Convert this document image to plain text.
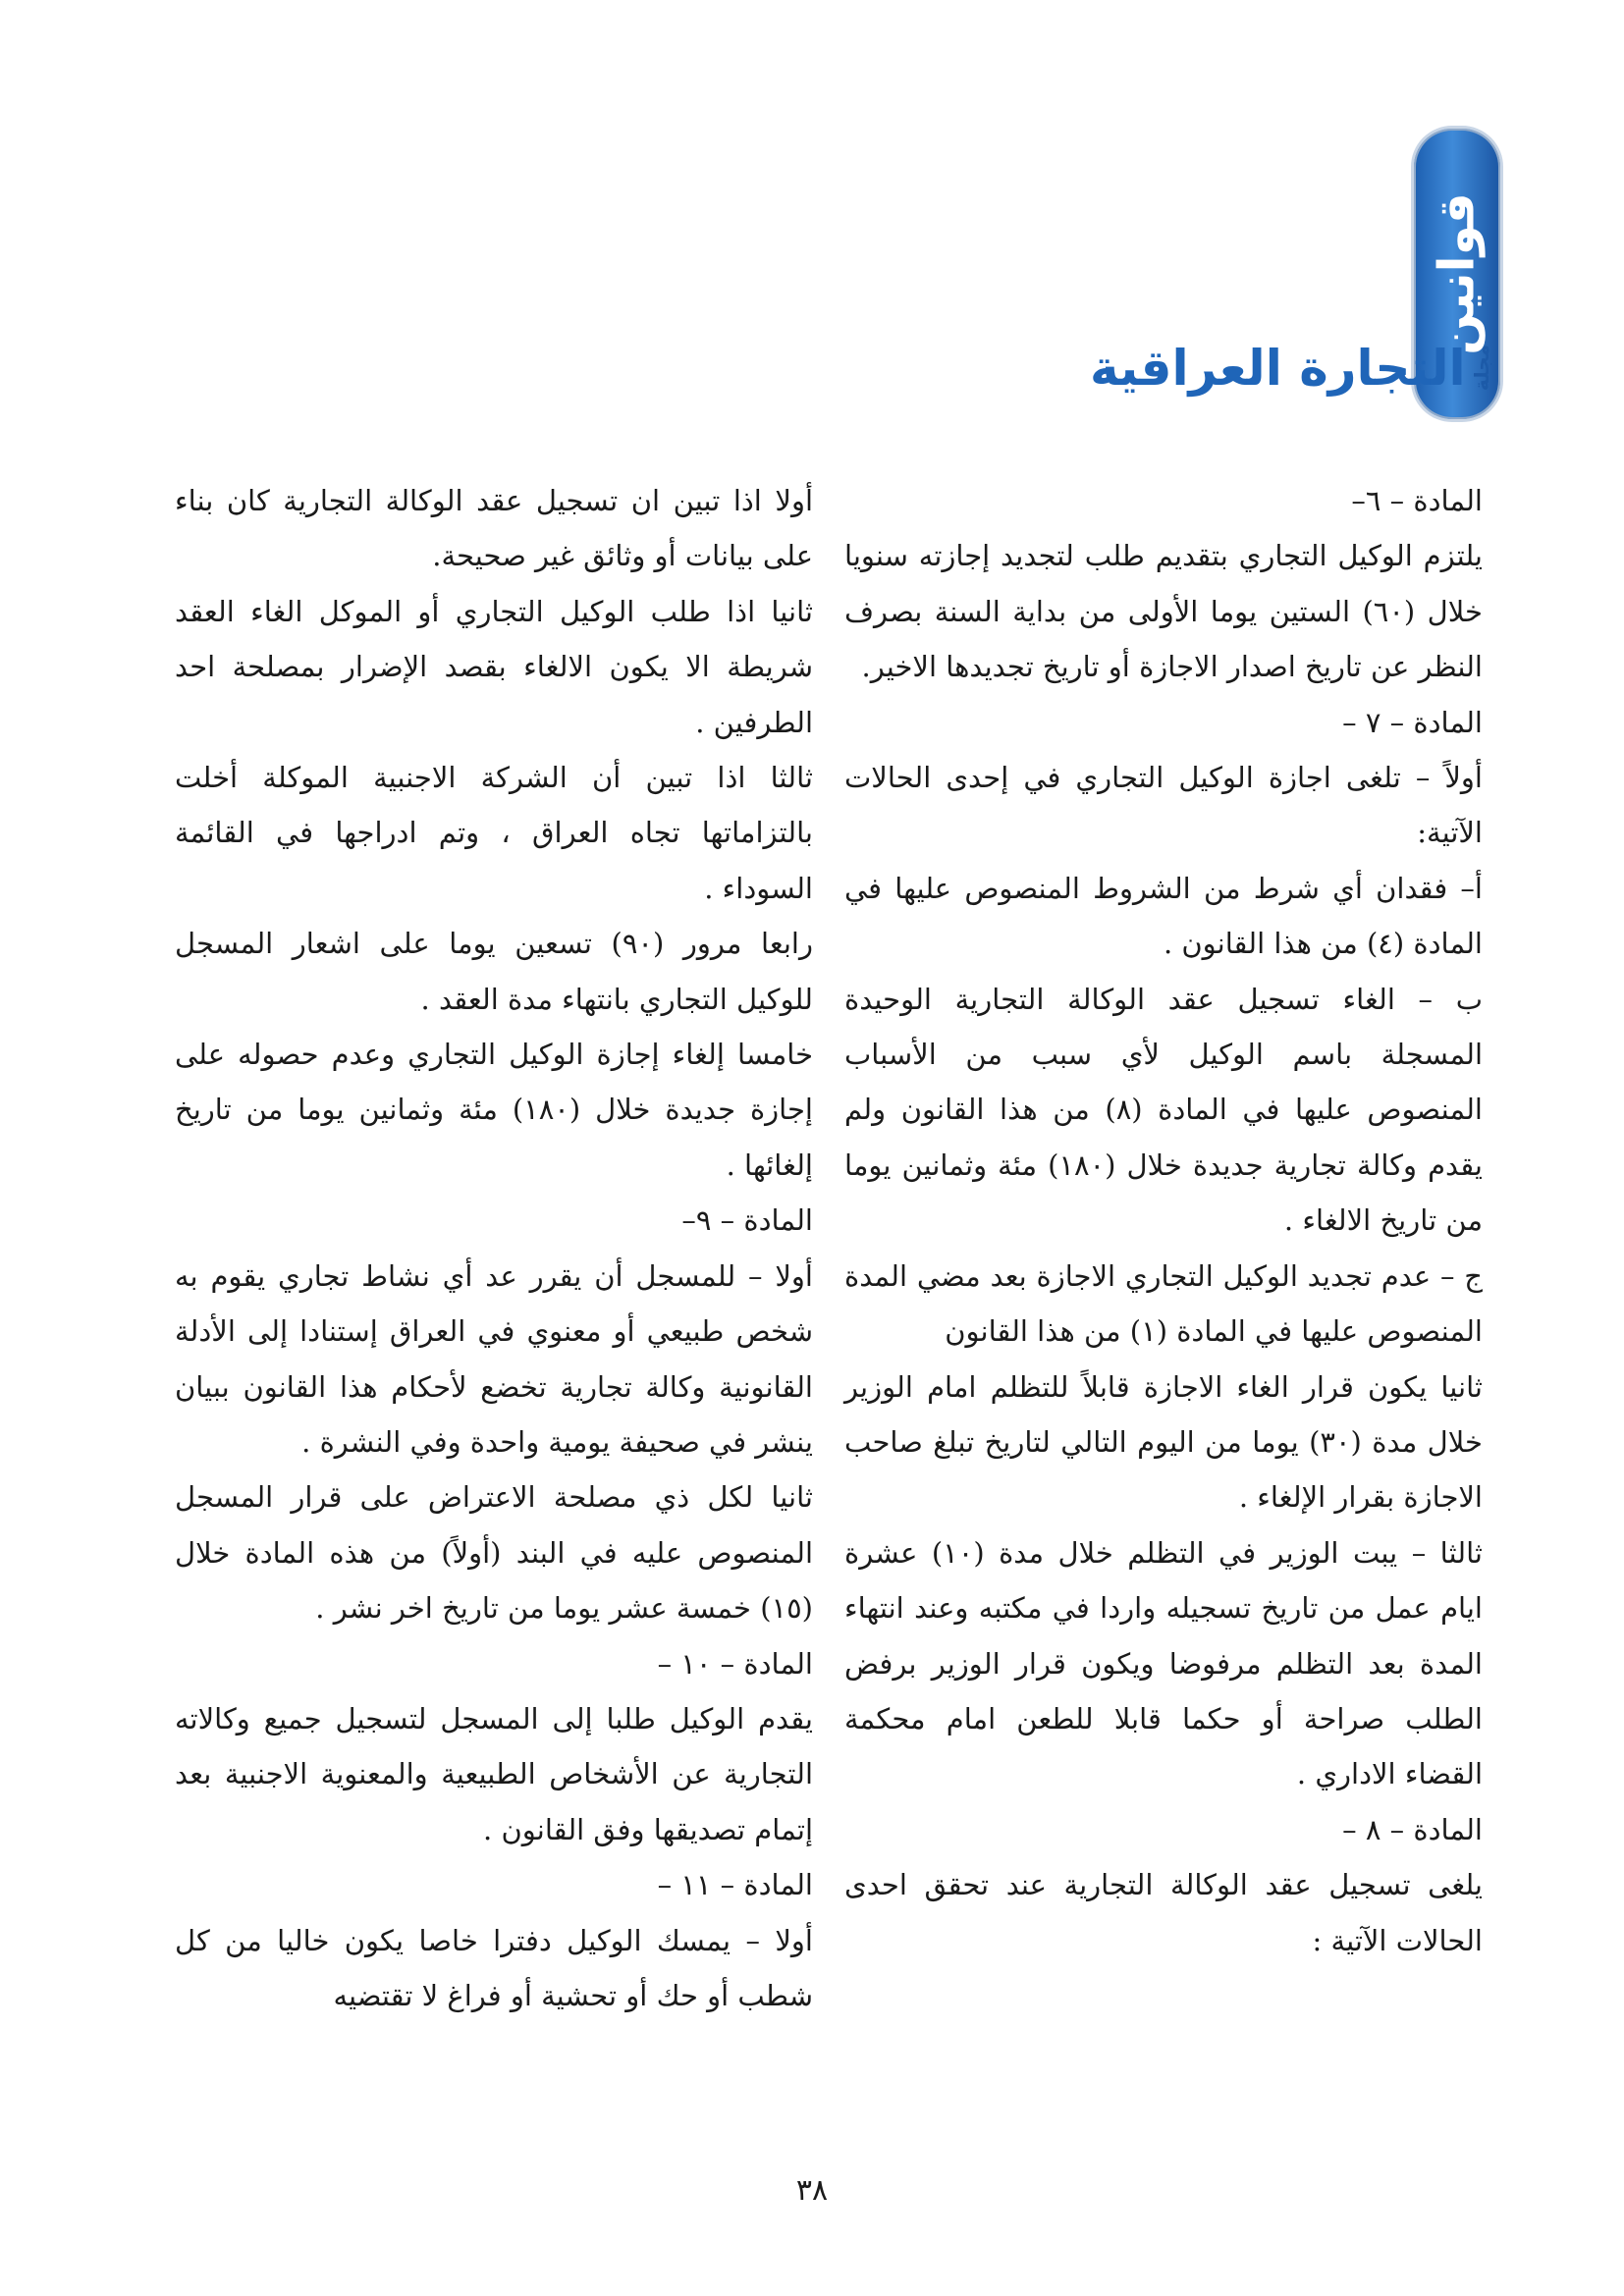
قوانين
مجلة
التجارة العراقية

المادة – ٦–

يلتزم الوكيل التجاري بتقديم طلب لتجديد إجازته سنويا خلال (٦٠) الستين يوما الأولى من بداية السنة بصرف النظر عن تاريخ اصدار الاجازة أو تاريخ تجديدها الاخير.

المادة – ٧ –

أولاً – تلغى اجازة الوكيل التجاري في إحدى الحالات الآتية:

أ– فقدان أي شرط من الشروط المنصوص عليها في المادة (٤) من هذا القانون .

ب – الغاء تسجيل عقد الوكالة التجارية الوحيدة المسجلة باسم الوكيل لأي سبب من الأسباب المنصوص عليها في المادة (٨) من هذا القانون ولم يقدم وكالة تجارية جديدة خلال (١٨٠) مئة وثمانين يوما من تاريخ الالغاء .

ج – عدم تجديد الوكيل التجاري الاجازة بعد مضي المدة المنصوص عليها في المادة (١) من هذا القانون

ثانيا يكون قرار الغاء الاجازة قابلاً للتظلم امام الوزير خلال مدة (٣٠) يوما من اليوم التالي لتاريخ تبلغ صاحب الاجازة بقرار الإلغاء .

ثالثا – يبت الوزير في التظلم خلال مدة (١٠) عشرة ايام عمل من تاريخ تسجيله واردا في مكتبه وعند انتهاء المدة بعد التظلم مرفوضا ويكون قرار الوزير برفض الطلب صراحة أو حكما قابلا للطعن امام محكمة القضاء الاداري .

المادة – ٨ –

يلغى تسجيل عقد الوكالة التجارية عند تحقق احدى الحالات الآتية :

أولا اذا تبين ان تسجيل عقد الوكالة التجارية كان بناء على بيانات أو وثائق غير صحيحة.

ثانيا اذا طلب الوكيل التجاري أو الموكل الغاء العقد شريطة الا يكون الالغاء بقصد الإضرار بمصلحة احد الطرفين .

ثالثا اذا تبين أن الشركة الاجنبية الموكلة أخلت بالتزاماتها تجاه العراق ، وتم ادراجها في القائمة السوداء .

رابعا مرور (٩٠) تسعين يوما على اشعار المسجل للوكيل التجاري بانتهاء مدة العقد .

خامسا إلغاء إجازة الوكيل التجاري وعدم حصوله على إجازة جديدة خلال (١٨٠) مئة وثمانين يوما من تاريخ إلغائها .

المادة – ٩–

أولا – للمسجل أن يقرر عد أي نشاط تجاري يقوم به شخص طبيعي أو معنوي في العراق إستنادا إلى الأدلة القانونية وكالة تجارية تخضع لأحكام هذا القانون ببيان ينشر في صحيفة يومية واحدة وفي النشرة .

ثانيا لكل ذي مصلحة الاعتراض على قرار المسجل المنصوص عليه في البند (أولاً) من هذه المادة خلال (١٥) خمسة عشر يوما من تاريخ اخر نشر .

المادة – ١٠ –

يقدم الوكيل طلبا إلى المسجل لتسجيل جميع وكالاته التجارية عن الأشخاص الطبيعية والمعنوية الاجنبية بعد إتمام تصديقها وفق القانون .

المادة – ١١ –

أولا – يمسك الوكيل دفترا خاصا يكون خاليا من كل شطب أو حك أو تحشية أو فراغ لا تقتضيه

٣٨
